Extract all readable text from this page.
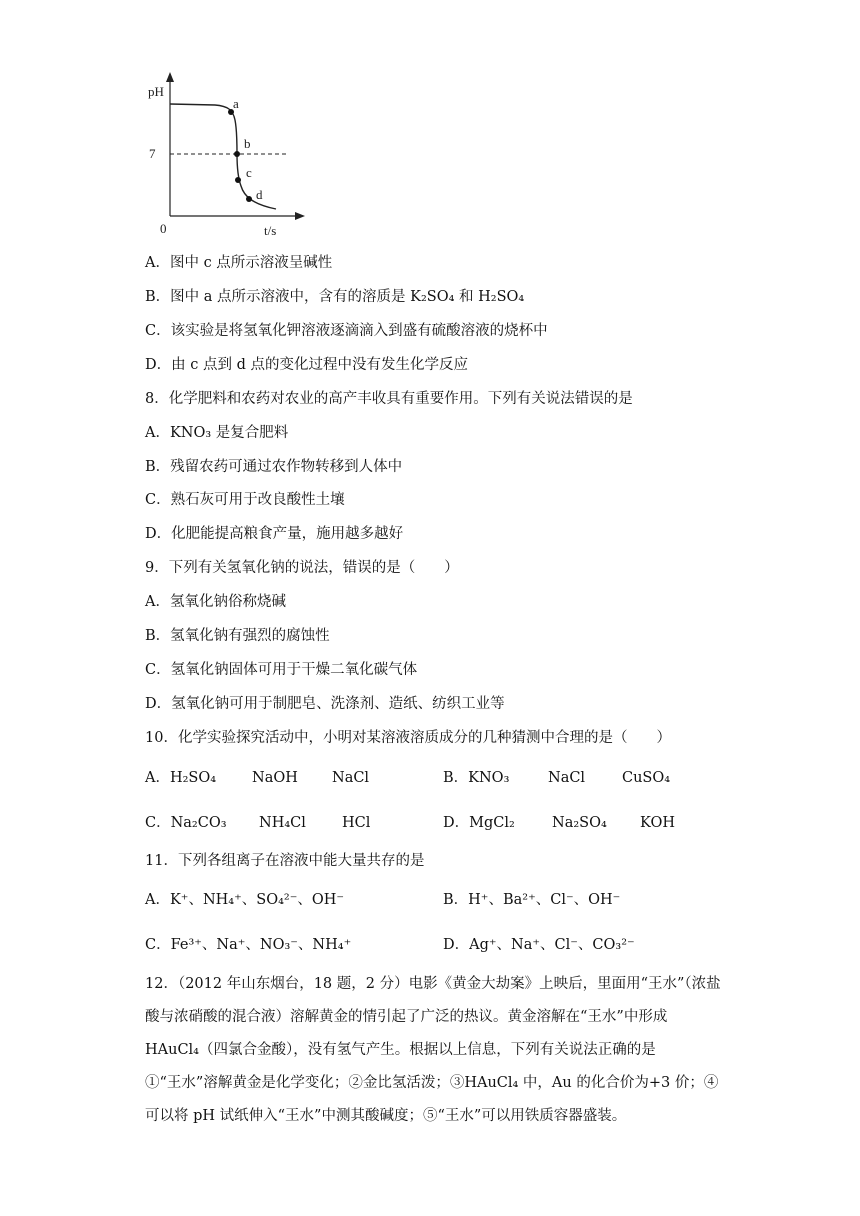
pH
7
0	t/s
a
b
c
d
A．图中 c 点所示溶液呈碱性
B．图中 a 点所示溶液中，含有的溶质是 K₂SO₄ 和 H₂SO₄
C．该实验是将氢氧化钾溶液逐滴滴入到盛有硫酸溶液的烧杯中
D．由 c 点到 d 点的变化过程中没有发生化学反应
8．化学肥料和农药对农业的高产丰收具有重要作用。下列有关说法错误的是
A．KNO₃ 是复合肥料
B．残留农药可通过农作物转移到人体中
C．熟石灰可用于改良酸性土壤
D．化肥能提高粮食产量，施用越多越好
9．下列有关氢氧化钠的说法，错误的是（　　）
A．氢氧化钠俗称烧碱
B．氢氧化钠有强烈的腐蚀性
C．氢氧化钠固体可用于干燥二氧化碳气体
D．氢氧化钠可用于制肥皂、洗涤剂、造纸、纺织工业等
10．化学实验探究活动中，小明对某溶液溶质成分的几种猜测中合理的是（　　）
A．H₂SO₄ NaOH NaCl	B．KNO₃	NaCl	CuSO₄
C．Na₂CO₃ NH₄Cl HCl	D．MgCl₂	Na₂SO₄ KOH
11．下列各组离子在溶液中能大量共存的是
A．K⁺、NH₄⁺、SO₄²⁻、OH⁻	B．H⁺、Ba²⁺、Cl⁻、OH⁻
C．Fe³⁺、Na⁺、NO₃⁻、NH₄⁺	D．Ag⁺、Na⁺、Cl⁻、CO₃²⁻
12．（2012 年山东烟台，18 题，2 分）电影《黄金大劫案》上映后，里面用“王水”（浓盐酸与浓硝酸的混合液）溶解黄金的情引起了广泛的热议。黄金溶解在“王水”中形成 HAuCl₄（四氯合金酸），没有氢气产生。根据以上信息，下列有关说法正确的是
①“王水”溶解黄金是化学变化；②金比氢活泼；③HAuCl₄ 中，Au 的化合价为+3 价；④可以将 pH 试纸伸入“王水”中测其酸碱度；⑤“王水”可以用铁质容器盛装。
